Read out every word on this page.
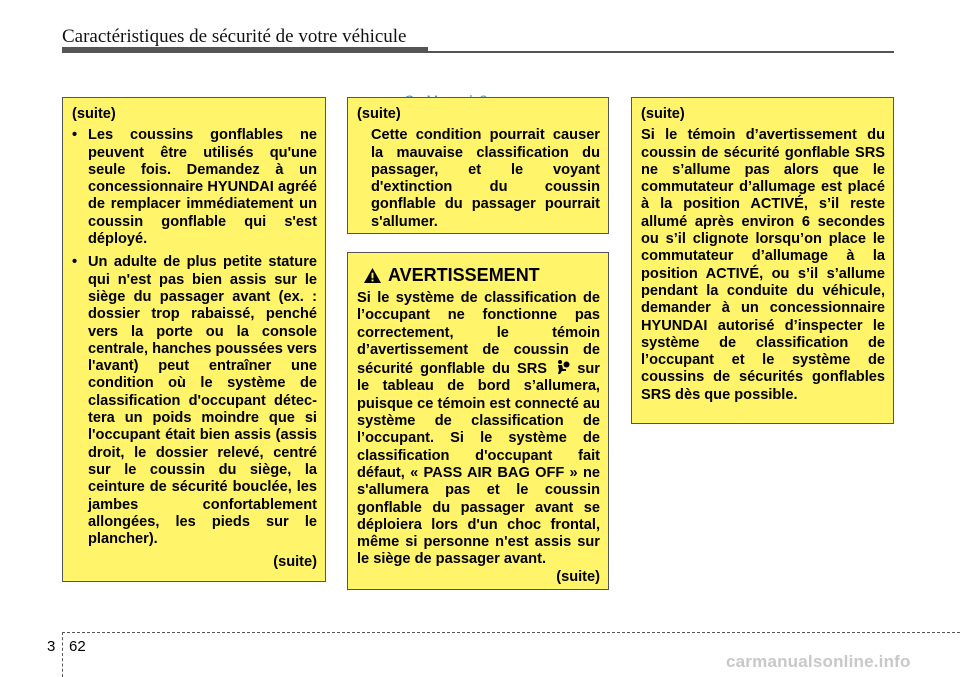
Caractéristiques de sécurité de votre véhicule
(suite)
• Les coussins gonflables ne peuvent être utilisés qu'une seule fois. Demandez à un concessionnaire HYUNDAI agréé de remplacer immédiatement un coussin gonflable qui s'est déployé.
• Un adulte de plus petite stature qui n'est pas bien assis sur le siège du passager avant (ex. : dossier trop rabaissé, penché vers la porte ou la console centrale, hanches poussées vers l'avant) peut entraîner une condition où le système de classification d'occupant détec-tera un poids moindre que si l'occupant était bien assis (assis droit, le dossier relevé, centré sur le coussin du siège, la ceinture de sécurité bouclée, les jambes confortablement allongées, les pieds sur le plancher).

(suite)

(suite)

Cette condition pourrait causer la mauvaise classification du passager, et le voyant d'extinction du coussin gonflable du passager pourrait s'allumer.

AVERTISSEMENT

Si le système de classification de l’occupant ne fonctionne pas correctement, le témoin d’avertissement de coussin de sécurité gonflable du SRS sur le tableau de bord s’allumera, puisque ce témoin est connecté au système de classification de l’occupant. Si le système de classification d'occupant fait défaut, « PASS AIR BAG OFF » ne s'allumera pas et le coussin gonflable du passager avant se déploiera lors d'un choc frontal, même si personne n'est assis sur le siège de passager avant.

(suite)

(suite)

Si le témoin d’avertissement du coussin de sécurité gonflable SRS ne s’allume pas alors que le commutateur d’allumage est placé à la position ACTIVÉ, s’il reste allumé après environ 6 secondes ou s’il clignote lorsqu’on place le commutateur d’allumage à la position ACTIVÉ, ou s’il s’allume pendant la conduite du véhicule, demander à un concessionnaire HYUNDAI autorisé d’inspecter le système de classification de l’occupant et le système de coussins de sécurités gonflables SRS dès que possible.

3 62
carmanualsonline.info
